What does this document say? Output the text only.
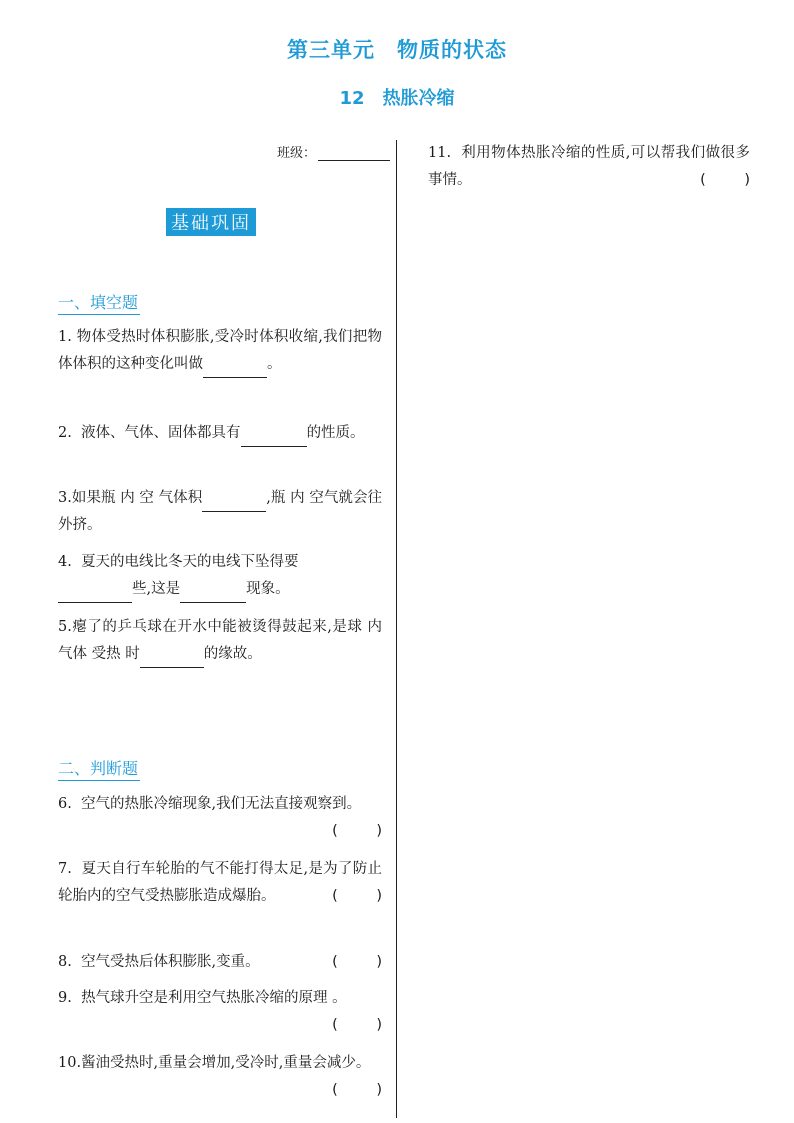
第三单元　物质的状态
12 热胀冷缩
班级：
基础巩固
一、填空题
1. 物体受热时体积膨胀,受冷时体积收缩,我们把物体体积的这种变化叫做	。
2. 液体、气体、固体都具有	的性质。
3.如果瓶 内 空 气体积	,瓶 内 空气就会往外挤。
4. 夏天的电线比冬天的电线下坠得要
些,这是	现象。
5.瘪了的乒乓球在开水中能被烫得鼓起来,是球 内 气体 受热 时	的缘故。
二、判断题
6. 空气的热胀冷缩现象,我们无法直接观察到。
(　)
7. 夏天自行车轮胎的气不能打得太足,是为了防止轮胎内的空气受热膨胀造成爆胎。	(　)
8. 空气受热后体积膨胀,变重。	(　)
9. 热气球升空是利用空气热胀冷缩的原理 。
(　)
10.酱油受热时,重量会增加,受冷时,重量会减少。
(　)
11. 利用物体热胀冷缩的性质,可以帮我们做很多事情。	(　)
